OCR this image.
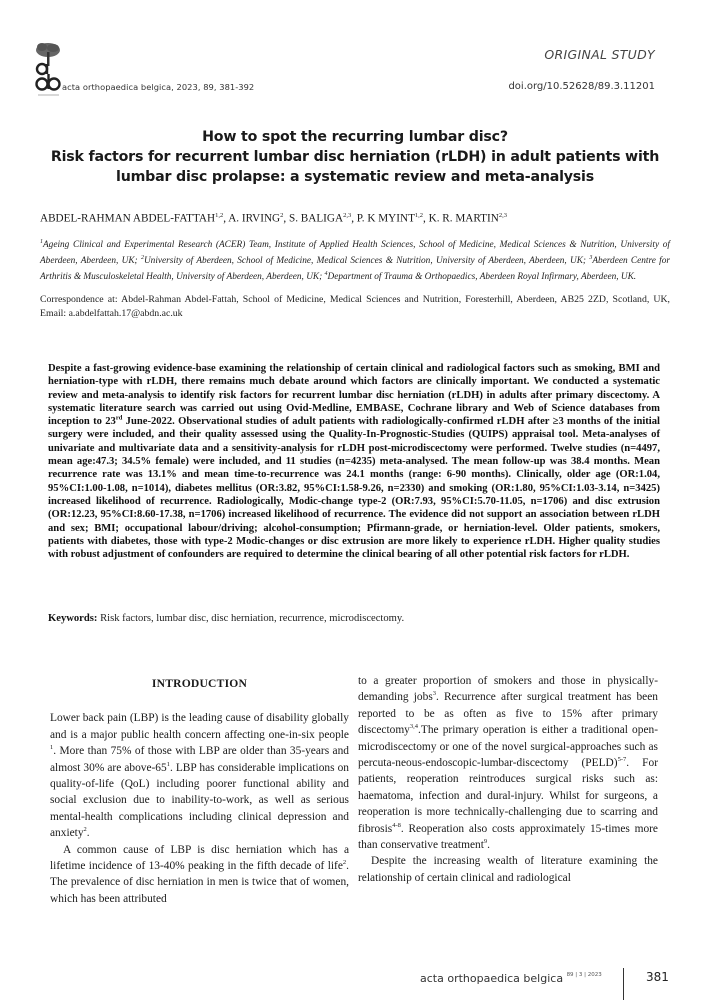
acta orthopaedica belgica, 2023, 89, 381-392
ORIGINAL STUDY
doi.org/10.52628/89.3.11201
How to spot the recurring lumbar disc?
Risk factors for recurrent lumbar disc herniation (rLDH) in adult patients with
lumbar disc prolapse: a systematic review and meta-analysis
ABDEL-RAHMAN ABDEL-FATTAH$^{1,2}$, A. IRVING$^2$, S. BALIGA$^{2,3}$, P. K MYINT$^{1,2}$, K. R. MARTIN$^{2,3}$
$^1$Ageing Clinical and Experimental Research (ACER) Team, Institute of Applied Health Sciences, School of Medicine, Medical Sciences & Nutrition, University of Aberdeen, Aberdeen, UK; $^2$University of Aberdeen, School of Medicine, Medical Sciences & Nutrition, University of Aberdeen, Aberdeen, UK; $^3$Aberdeen Centre for Arthritis & Musculoskeletal Health, University of Aberdeen, Aberdeen, UK; $^4$Department of Trauma & Orthopaedics, Aberdeen Royal Infirmary, Aberdeen, UK.
Correspondence at: Abdel-Rahman Abdel-Fattah, School of Medicine, Medical Sciences and Nutrition, Foresterhill, Aberdeen, AB25 2ZD, Scotland, UK, Email: a.abdelfattah.17@abdn.ac.uk
Despite a fast-growing evidence-base examining the relationship of certain clinical and radiological factors such as smoking, BMI and herniation-type with rLDH, there remains much debate around which factors are clinically important. We conducted a systematic review and meta-analysis to identify risk factors for recurrent lumbar disc herniation (rLDH) in adults after primary discectomy. A systematic literature search was carried out using Ovid-Medline, EMBASE, Cochrane library and Web of Science databases from inception to 23rd June-2022. Observational studies of adult patients with radiologically-confirmed rLDH after ≥3 months of the initial surgery were included, and their quality assessed using the Quality-In-Prognostic-Studies (QUIPS) appraisal tool. Meta-analyses of univariate and multivariate data and a sensitivity-analysis for rLDH post-microdiscectomy were performed. Twelve studies (n=4497, mean age:47.3; 34.5% female) were included, and 11 studies (n=4235) meta-analysed. The mean follow-up was 38.4 months. Mean recurrence rate was 13.1% and mean time-to-recurrence was 24.1 months (range: 6-90 months). Clinically, older age (OR:1.04, 95%CI:1.00-1.08, n=1014), diabetes mellitus (OR:3.82, 95%CI:1.58-9.26, n=2330) and smoking (OR:1.80, 95%CI:1.03-3.14, n=3425) increased likelihood of recurrence. Radiologically, Modic-change type-2 (OR:7.93, 95%CI:5.70-11.05, n=1706) and disc extrusion (OR:12.23, 95%CI:8.60-17.38, n=1706) increased likelihood of recurrence. The evidence did not support an association between rLDH and sex; BMI; occupational labour/driving; alcohol-consumption; Pfirmann-grade, or herniation-level. Older patients, smokers, patients with diabetes, those with type-2 Modic-changes or disc extrusion are more likely to experience rLDH. Higher quality studies with robust adjustment of confounders are required to determine the clinical bearing of all other potential risk factors for rLDH.
Keywords: Risk factors, lumbar disc, disc herniation, recurrence, microdiscectomy.
INTRODUCTION

Lower back pain (LBP) is the leading cause of disability globally and is a major public health concern affecting one-in-six people $^1$. More than 75% of those with LBP are older than 35-years and almost 30% are above-$65^1$. LBP has considerable implications on quality-of-life (QoL) including poorer functional ability and social exclusion due to inability-to-work, as well as serious mental-health complications including clinical depression and anxiety$^2$.

A common cause of LBP is disc herniation which has a lifetime incidence of 13-40% peaking in the fifth decade of life$^2$. The prevalence of disc herniation in men is twice that of women, which has been attributed

to a greater proportion of smokers and those in physically- demanding jobs$^3$. Recurrence after surgical treatment has been reported to be as often as five to 15% after primary discectomy$^{3,4}$.The primary operation is either a traditional open-microdiscectomy or one of the novel surgical-approaches such as percuta-neous-endoscopic-lumbar-discectomy (PELD)$^{5-7}$. For patients, reoperation reintroduces surgical risks such as: haematoma, infection and dural-injury. Whilst for surgeons, a reoperation is more technically-challenging due to scarring and fibrosis$^{4-8}$. Reoperation also costs approximately 15-times more than conservative treatment$^9$.

Despite the increasing wealth of literature examining the relationship of certain clinical and radiological

acta orthopaedica belgica $^{89 | 3 | 2023}$	381
